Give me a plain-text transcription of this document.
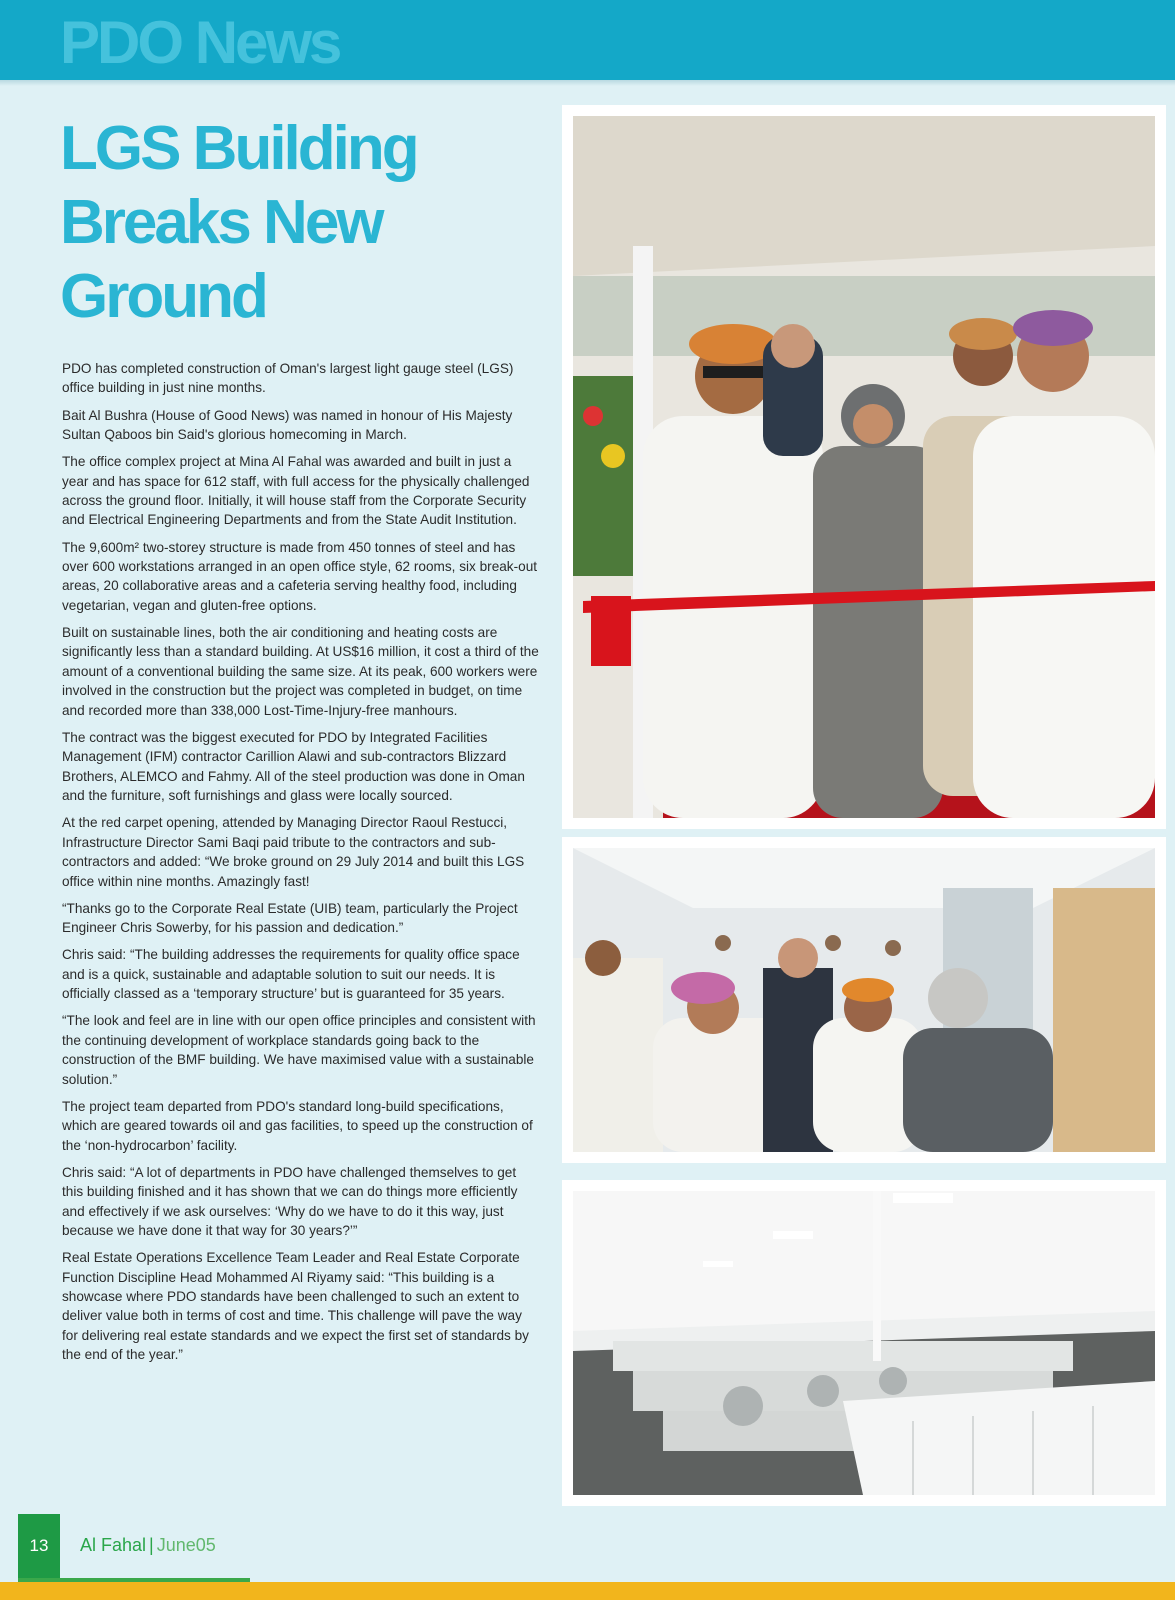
PDO News
LGS Building
Breaks New
Ground

PDO has completed construction of Oman's largest light gauge steel (LGS) office building in just nine months.

Bait Al Bushra (House of Good News) was named in honour of His Majesty Sultan Qaboos bin Said's glorious homecoming in March.

The office complex project at Mina Al Fahal was awarded and built in just a year and has space for 612 staff, with full access for the physically challenged across the ground floor. Initially, it will house staff from the Corporate Security and Electrical Engineering Departments and from the State Audit Institution.

The 9,600m² two-storey structure is made from 450 tonnes of steel and has over 600 workstations arranged in an open office style, 62 rooms, six break-out areas, 20 collaborative areas and a cafeteria serving healthy food, including vegetarian, vegan and gluten-free options.

Built on sustainable lines, both the air conditioning and heating costs are significantly less than a standard building. At US$16 million, it cost a third of the amount of a conventional building the same size. At its peak, 600 workers were involved in the construction but the project was completed in budget, on time and recorded more than 338,000 Lost-Time-Injury-free manhours.

The contract was the biggest executed for PDO by Integrated Facilities Management (IFM) contractor Carillion Alawi and sub-contractors Blizzard Brothers, ALEMCO and Fahmy. All of the steel production was done in Oman and the furniture, soft furnishings and glass were locally sourced.

At the red carpet opening, attended by Managing Director Raoul Restucci, Infrastructure Director Sami Baqi paid tribute to the contractors and sub-contractors and added: “We broke ground on 29 July 2014 and built this LGS office within nine months. Amazingly fast!

“Thanks go to the Corporate Real Estate (UIB) team, particularly the Project Engineer Chris Sowerby, for his passion and dedication.”

Chris said: “The building addresses the requirements for quality office space and is a quick, sustainable and adaptable solution to suit our needs. It is officially classed as a ‘temporary structure’ but is guaranteed for 35 years.

“The look and feel are in line with our open office principles and consistent with the continuing development of workplace standards going back to the construction of the BMF building. We have maximised value with a sustainable solution.”

The project team departed from PDO's standard long-build specifications, which are geared towards oil and gas facilities, to speed up the construction of the ‘non-hydrocarbon’ facility.

Chris said: “A lot of departments in PDO have challenged themselves to get this building finished and it has shown that we can do things more efficiently and effectively if we ask ourselves: ‘Why do we have to do it this way, just because we have done it that way for 30 years?’”

Real Estate Operations Excellence Team Leader and Real Estate Corporate Function Discipline Head Mohammed Al Riyamy said: “This building is a showcase where PDO standards have been challenged to such an extent to deliver value both in terms of cost and time. This challenge will pave the way for delivering real estate standards and we expect the first set of standards by the end of the year.”

13	Al Fahal | June05
